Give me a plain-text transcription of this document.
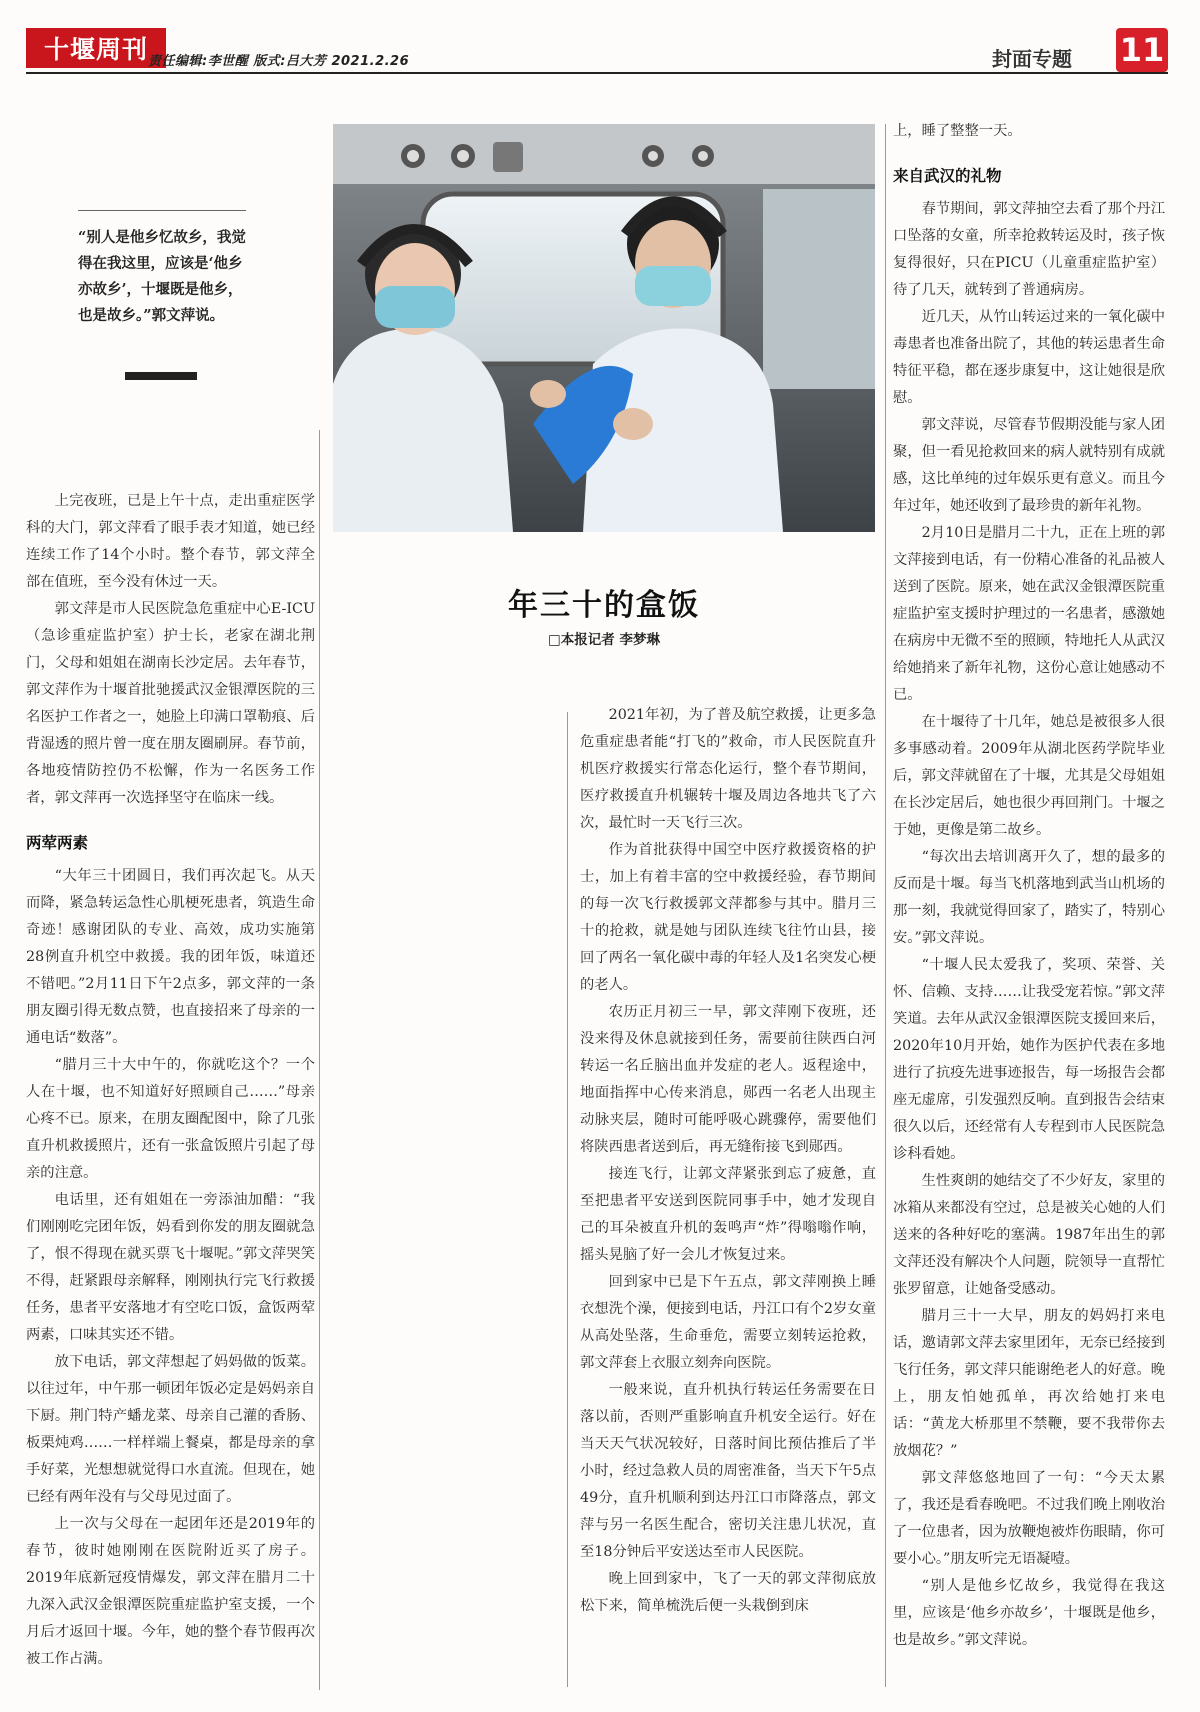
十堰周刊 责任编辑:李世醒 版式:吕大芳 2021.2.26	封面专题 11
“别人是他乡忆故乡，我觉得在我这里，应该是‘他乡亦故乡’，十堰既是他乡，也是故乡。”郭文萍说。
年三十的盒饭
□本报记者 李梦琳

上完夜班，已是上午十点，走出重症医学科的大门，郭文萍看了眼手表才知道，她已经连续工作了14个小时。整个春节，郭文萍全部在值班，至今没有休过一天。

郭文萍是市人民医院急危重症中心E-ICU（急诊重症监护室）护士长，老家在湖北荆门，父母和姐姐在湖南长沙定居。去年春节，郭文萍作为十堰首批驰援武汉金银潭医院的三名医护工作者之一，她脸上印满口罩勒痕、后背湿透的照片曾一度在朋友圈刷屏。春节前，各地疫情防控仍不松懈，作为一名医务工作者，郭文萍再一次选择坚守在临床一线。

两荤两素

“大年三十团圆日，我们再次起飞。从天而降，紧急转运急性心肌梗死患者，筑造生命奇迹！感谢团队的专业、高效，成功实施第28例直升机空中救援。我的团年饭，味道还不错吧。”2月11日下午2点多，郭文萍的一条朋友圈引得无数点赞，也直接招来了母亲的一通电话“数落”。

“腊月三十大中午的，你就吃这个？一个人在十堰，也不知道好好照顾自己……”母亲心疼不已。原来，在朋友圈配图中，除了几张直升机救援照片，还有一张盒饭照片引起了母亲的注意。

电话里，还有姐姐在一旁添油加醋：“我们刚刚吃完团年饭，妈看到你发的朋友圈就急了，恨不得现在就买票飞十堰呢。”郭文萍哭笑不得，赶紧跟母亲解释，刚刚执行完飞行救援任务，患者平安落地才有空吃口饭，盒饭两荤两素，口味其实还不错。

放下电话，郭文萍想起了妈妈做的饭菜。以往过年，中午那一顿团年饭必定是妈妈亲自下厨。荆门特产蟠龙菜、母亲自己灌的香肠、板栗炖鸡……一样样端上餐桌，都是母亲的拿手好菜，光想想就觉得口水直流。但现在，她已经有两年没有与父母见过面了。

上一次与父母在一起团年还是2019年的春节，彼时她刚刚在医院附近买了房子。2019年底新冠疫情爆发，郭文萍在腊月二十九深入武汉金银潭医院重症监护室支援，一个月后才返回十堰。今年，她的整个春节假再次被工作占满。

2021年初，为了普及航空救援，让更多急危重症患者能“打飞的”救命，市人民医院直升机医疗救援实行常态化运行，整个春节期间，医疗救援直升机辗转十堰及周边各地共飞了六次，最忙时一天飞行三次。

作为首批获得中国空中医疗救援资格的护士，加上有着丰富的空中救援经验，春节期间的每一次飞行救援郭文萍都参与其中。腊月三十的抢救，就是她与团队连续飞往竹山县，接回了两名一氧化碳中毒的年轻人及1名突发心梗的老人。

农历正月初三一早，郭文萍刚下夜班，还没来得及休息就接到任务，需要前往陕西白河转运一名丘脑出血并发症的老人。返程途中，地面指挥中心传来消息，郧西一名老人出现主动脉夹层，随时可能呼吸心跳骤停，需要他们将陕西患者送到后，再无缝衔接飞到郧西。

接连飞行，让郭文萍紧张到忘了疲惫，直至把患者平安送到医院同事手中，她才发现自己的耳朵被直升机的轰鸣声“炸”得嗡嗡作响，摇头晃脑了好一会儿才恢复过来。

回到家中已是下午五点，郭文萍刚换上睡衣想洗个澡，便接到电话，丹江口有个2岁女童从高处坠落，生命垂危，需要立刻转运抢救，郭文萍套上衣服立刻奔向医院。

一般来说，直升机执行转运任务需要在日落以前，否则严重影响直升机安全运行。好在当天天气状况较好，日落时间比预估推后了半小时，经过急救人员的周密准备，当天下午5点49分，直升机顺利到达丹江口市降落点，郭文萍与另一名医生配合，密切关注患儿状况，直至18分钟后平安送达至市人民医院。

晚上回到家中，飞了一天的郭文萍彻底放松下来，简单梳洗后便一头栽倒到床

上，睡了整整一天。

来自武汉的礼物

春节期间，郭文萍抽空去看了那个丹江口坠落的女童，所幸抢救转运及时，孩子恢复得很好，只在PICU（儿童重症监护室）待了几天，就转到了普通病房。

近几天，从竹山转运过来的一氧化碳中毒患者也准备出院了，其他的转运患者生命特征平稳，都在逐步康复中，这让她很是欣慰。

郭文萍说，尽管春节假期没能与家人团聚，但一看见抢救回来的病人就特别有成就感，这比单纯的过年娱乐更有意义。而且今年过年，她还收到了最珍贵的新年礼物。

2月10日是腊月二十九，正在上班的郭文萍接到电话，有一份精心准备的礼品被人送到了医院。原来，她在武汉金银潭医院重症监护室支援时护理过的一名患者，感激她在病房中无微不至的照顾，特地托人从武汉给她捎来了新年礼物，这份心意让她感动不已。

在十堰待了十几年，她总是被很多人很多事感动着。2009年从湖北医药学院毕业后，郭文萍就留在了十堰，尤其是父母姐姐在长沙定居后，她也很少再回荆门。十堰之于她，更像是第二故乡。

“每次出去培训离开久了，想的最多的反而是十堰。每当飞机落地到武当山机场的那一刻，我就觉得回家了，踏实了，特别心安。”郭文萍说。

“十堰人民太爱我了，奖项、荣誉、关怀、信赖、支持……让我受宠若惊。”郭文萍笑道。去年从武汉金银潭医院支援回来后，2020年10月开始，她作为医护代表在多地进行了抗疫先进事迹报告，每一场报告会都座无虚席，引发强烈反响。直到报告会结束很久以后，还经常有人专程到市人民医院急诊科看她。

生性爽朗的她结交了不少好友，家里的冰箱从来都没有空过，总是被关心她的人们送来的各种好吃的塞满。1987年出生的郭文萍还没有解决个人问题，院领导一直帮忙张罗留意，让她备受感动。

腊月三十一大早，朋友的妈妈打来电话，邀请郭文萍去家里团年，无奈已经接到飞行任务，郭文萍只能谢绝老人的好意。晚上，朋友怕她孤单，再次给她打来电话：“黄龙大桥那里不禁鞭，要不我带你去放烟花？”

郭文萍悠悠地回了一句：“今天太累了，我还是看春晚吧。不过我们晚上刚收治了一位患者，因为放鞭炮被炸伤眼睛，你可要小心。”朋友听完无语凝噎。

“别人是他乡忆故乡，我觉得在我这里，应该是‘他乡亦故乡’，十堰既是他乡，也是故乡。”郭文萍说。
